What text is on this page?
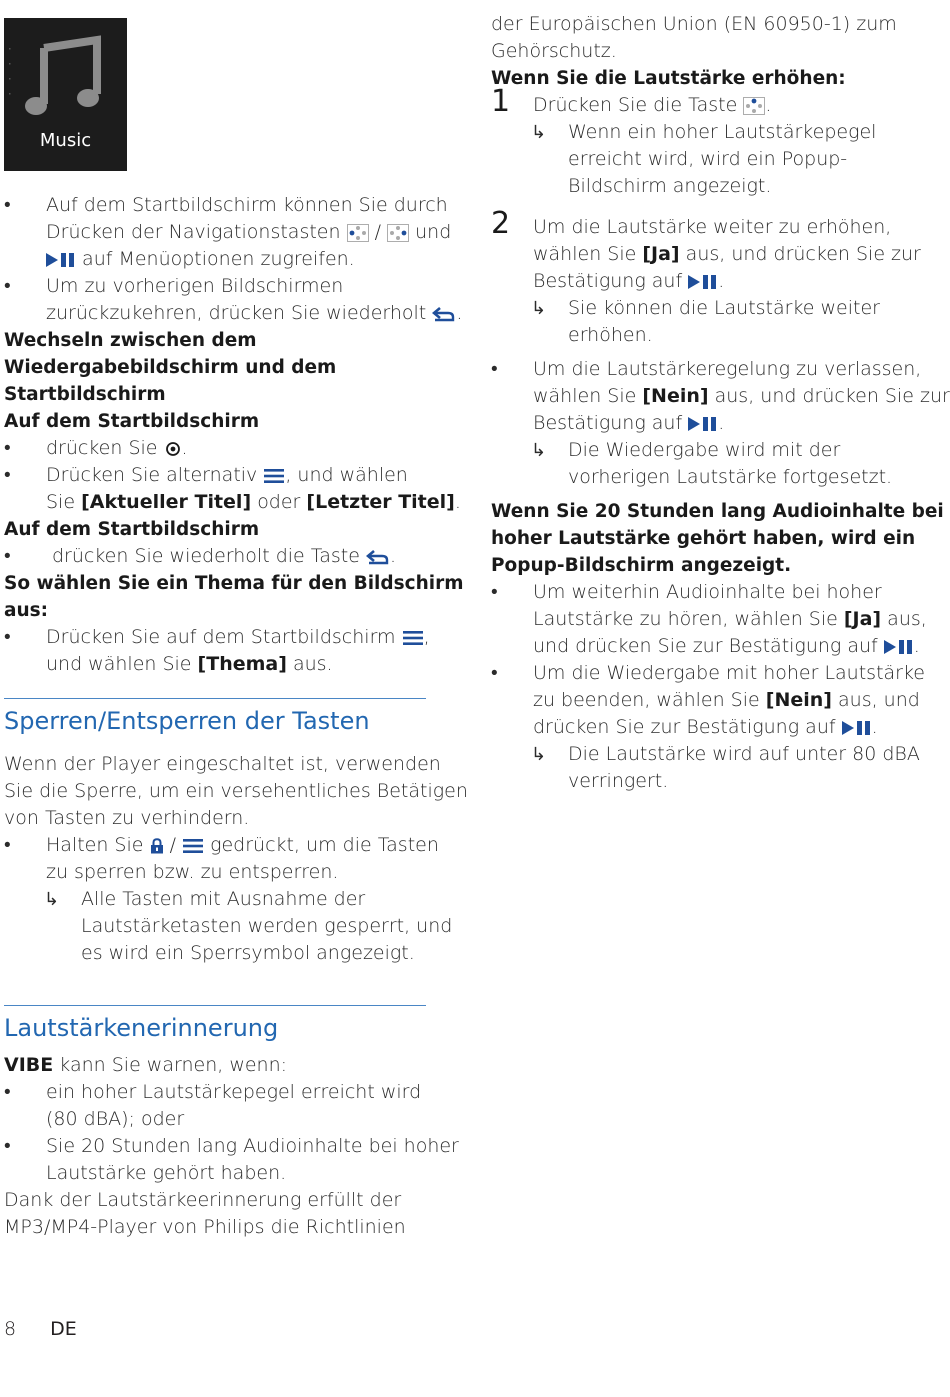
Music
• Auf dem Startbildschirm können Sie durch
Drücken der Navigationstasten / und
auf Menüoptionen zugreifen.
• Um zu vorherigen Bildschirmen
zurückzukehren, drücken Sie wiederholt .
Wechseln zwischen dem
Wiedergabebildschirm und dem
Startbildschirm
Auf dem Startbildschirm
• drücken Sie .
• Drücken Sie alternativ , und wählen
Sie [Aktueller Titel] oder [Letzter Titel].
Auf dem Startbildschirm
•	drücken Sie wiederholt die Taste .
So wählen Sie ein Thema für den Bildschirm
aus:
• Drücken Sie auf dem Startbildschirm ,
und wählen Sie [Thema] aus.
Sperren/Entsperren der Tasten
Wenn der Player eingeschaltet ist, verwenden
Sie die Sperre, um ein versehentliches Betätigen
von Tasten zu verhindern.
• Halten Sie / gedrückt, um die Tasten
zu sperren bzw. zu entsperren.
↳ Alle Tasten mit Ausnahme der
Lautstärketasten werden gesperrt, und
es wird ein Sperrsymbol angezeigt.
Lautstärkenerinnerung
VIBE kann Sie warnen, wenn:
• ein hoher Lautstärkepegel erreicht wird
(80 dBA); oder
• Sie 20 Stunden lang Audioinhalte bei hoher
Lautstärke gehört haben.
Dank der Lautstärkeerinnerung erfüllt der
MP3/MP4-Player von Philips die Richtlinien
der Europäischen Union (EN 60950-1) zum
Gehörschutz.
Wenn Sie die Lautstärke erhöhen:
1 Drücken Sie die Taste .
↳ Wenn ein hoher Lautstärkepegel
erreicht wird, wird ein Popup-
Bildschirm angezeigt.
2 Um die Lautstärke weiter zu erhöhen,
wählen Sie [Ja] aus, und drücken Sie zur
Bestätigung auf .
↳ Sie können die Lautstärke weiter
erhöhen.
• Um die Lautstärkeregelung zu verlassen,
wählen Sie [Nein] aus, und drücken Sie zur
Bestätigung auf .
↳ Die Wiedergabe wird mit der
vorherigen Lautstärke fortgesetzt.
Wenn Sie 20 Stunden lang Audioinhalte bei
hoher Lautstärke gehört haben, wird ein
Popup-Bildschirm angezeigt.
• Um weiterhin Audioinhalte bei hoher
Lautstärke zu hören, wählen Sie [Ja] aus,
und drücken Sie zur Bestätigung auf .
• Um die Wiedergabe mit hoher Lautstärke
zu beenden, wählen Sie [Nein] aus, und
drücken Sie zur Bestätigung auf .
↳ Die Lautstärke wird auf unter 80 dBA
verringert.
8 DE
